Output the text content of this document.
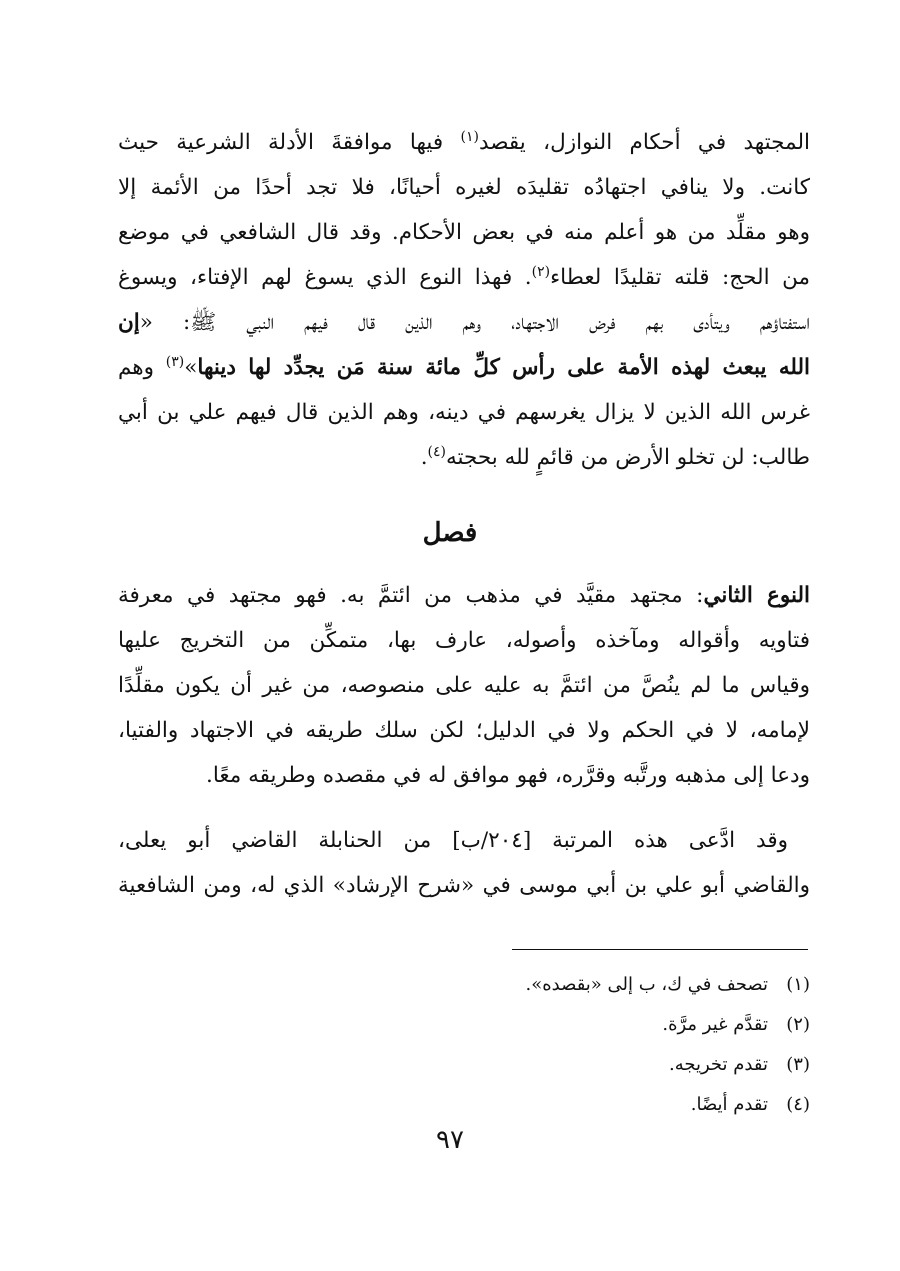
المجتهد في أحكام النوازل، يقصد$^{(١)}$ فيها موافقةَ الأدلة الشرعية حيث
كانت. ولا ينافي اجتهادُه تقليدَه لغيره أحيانًا، فلا تجد أحدًا من الأئمة إلا
وهو مقلِّد من هو أعلم منه في بعض الأحكام. وقد قال الشافعي في موضع
من الحج: قلته تقليدًا لعطاء$^{(٢)}$. فهذا النوع الذي يسوغ لهم الإفتاء، ويسوغ
استفتاؤهم ويتأدى بهم فرض الاجتهاد، وهم الذين قال فيهم النبي ﷺ: «إن
الله يبعث لهذه الأمة على رأس كلِّ مائة سنة مَن يجدِّد لها دينها»$^{(٣)}$ وهم
غرس الله الذين لا يزال يغرسهم في دينه، وهم الذين قال فيهم علي بن أبي
طالب: لن تخلو الأرض من قائمٍ لله بحجته$^{(٤)}$.
فصل
النوع الثاني: مجتهد مقيَّد في مذهب من ائتمَّ به. فهو مجتهد في معرفة
فتاويه وأقواله ومآخذه وأصوله، عارف بها، متمكِّن من التخريج عليها
وقياس ما لم ينُصَّ من ائتمَّ به عليه على منصوصه، من غير أن يكون مقلِّدًا
لإمامه، لا في الحكم ولا في الدليل؛ لكن سلك طريقه في الاجتهاد والفتيا،
ودعا إلى مذهبه ورتَّبه وقرَّره، فهو موافق له في مقصده وطريقه معًا.
وقد ادَّعى هذه المرتبة [٢٠٤/ب] من الحنابلة القاضي أبو يعلى،
والقاضي أبو علي بن أبي موسى في «شرح الإرشاد» الذي له، ومن الشافعية
(١)تصحف في ك، ب إلى «بقصده».
(٢)تقدَّم غير مرَّة.
(٣)تقدم تخريجه.
(٤)تقدم أيضًا.
٩٧
